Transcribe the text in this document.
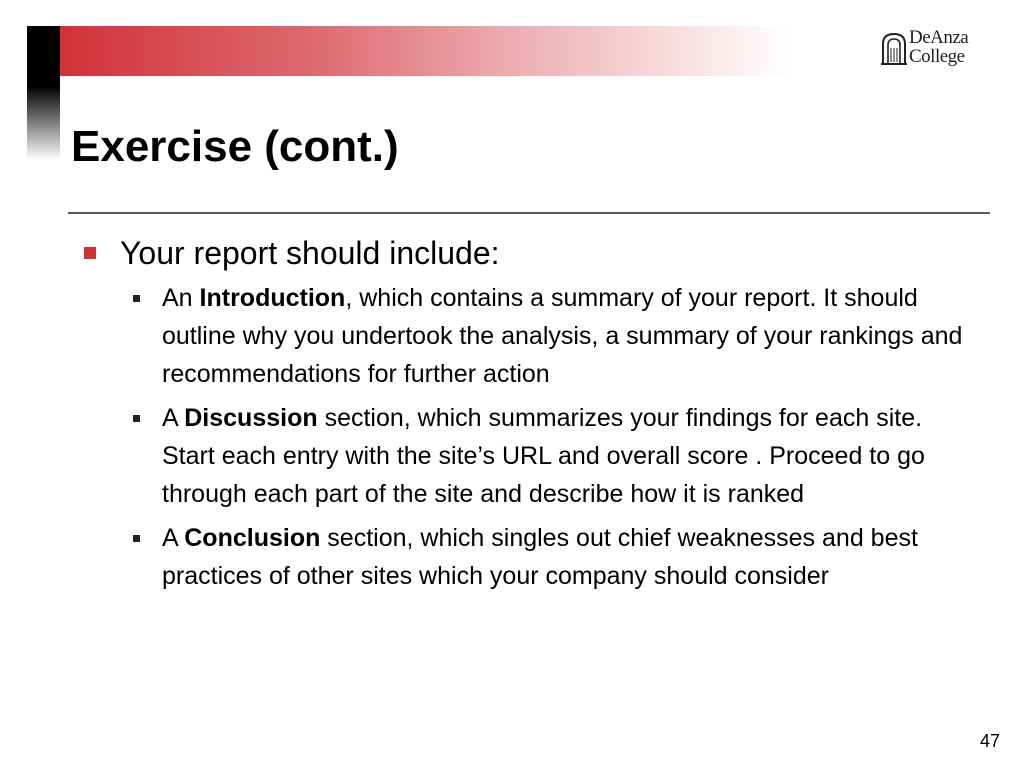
DeAnza
College
Exercise (cont.)

Your report should include:

An Introduction, which contains a summary of your report. It should outline why you undertook the analysis, a summary of your rankings and recommendations for further action
A Discussion section, which summarizes your findings for each site. Start each entry with the site’s URL and overall score . Proceed to go through each part of the site and describe how it is ranked
A Conclusion section, which singles out chief weaknesses and best practices of other sites which your company should consider
47
